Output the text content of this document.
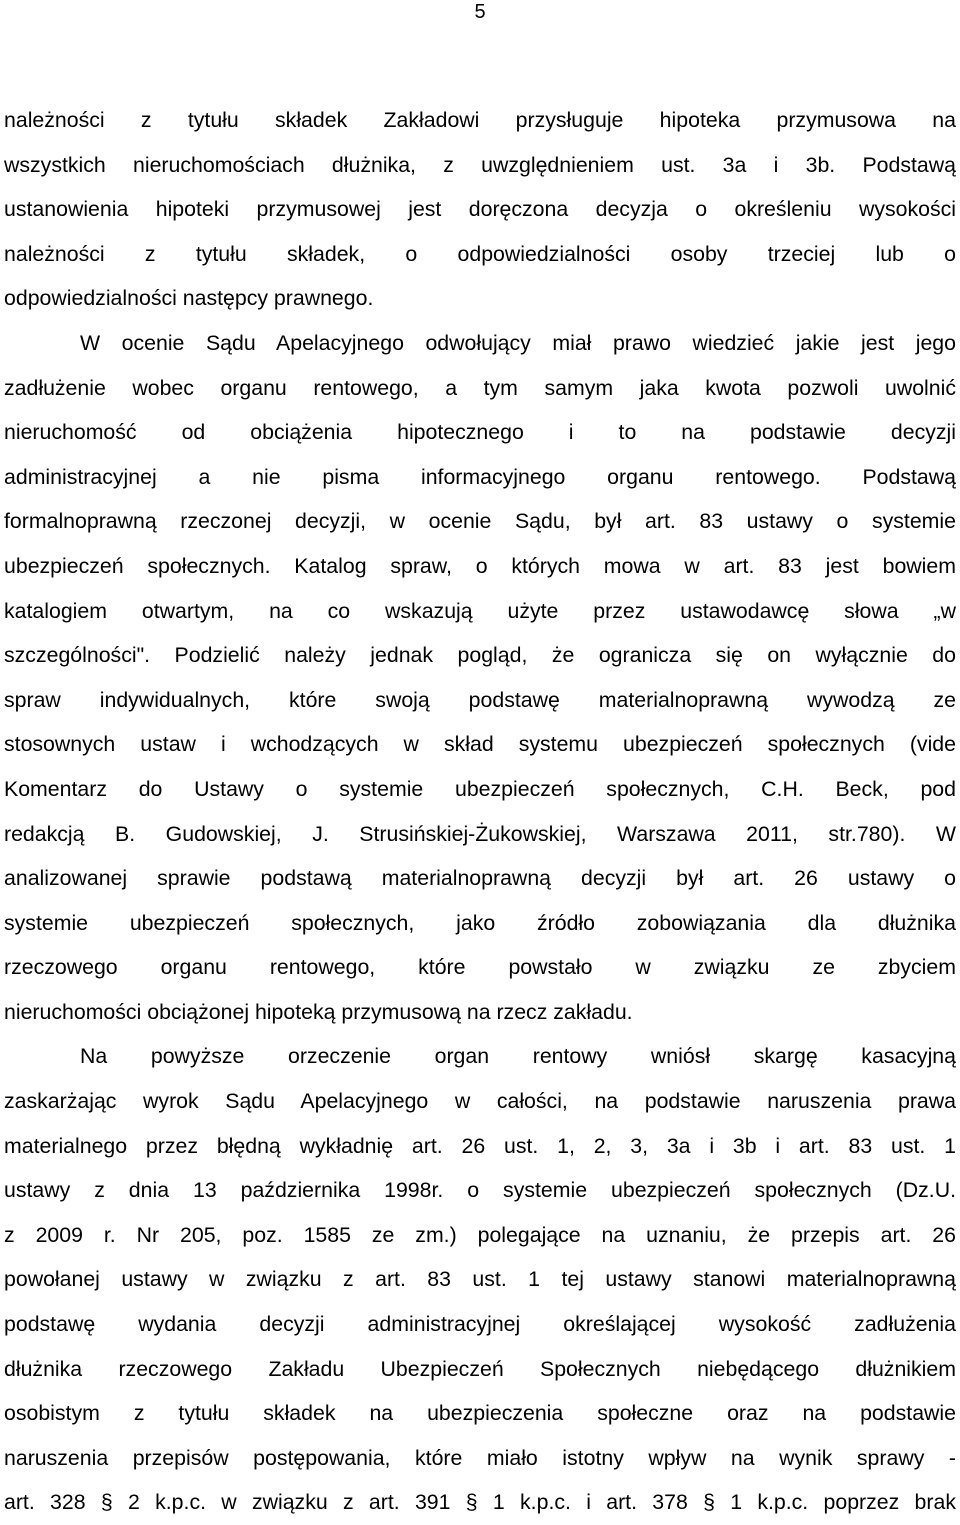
5
należności z tytułu składek Zakładowi przysługuje hipoteka przymusowa na
wszystkich nieruchomościach dłużnika, z uwzględnieniem ust. 3a i 3b. Podstawą
ustanowienia hipoteki przymusowej jest doręczona decyzja o określeniu wysokości
należności z tytułu składek, o odpowiedzialności osoby trzeciej lub o
odpowiedzialności następcy prawnego.
W ocenie Sądu Apelacyjnego odwołujący miał prawo wiedzieć jakie jest jego
zadłużenie wobec organu rentowego, a tym samym jaka kwota pozwoli uwolnić
nieruchomość od obciążenia hipotecznego i to na podstawie decyzji
administracyjnej a nie pisma informacyjnego organu rentowego. Podstawą
formalnoprawną rzeczonej decyzji, w ocenie Sądu, był art. 83 ustawy o systemie
ubezpieczeń społecznych. Katalog spraw, o których mowa w art. 83 jest bowiem
katalogiem otwartym, na co wskazują użyte przez ustawodawcę słowa „w
szczególności". Podzielić należy jednak pogląd, że ogranicza się on wyłącznie do
spraw indywidualnych, które swoją podstawę materialnoprawną wywodzą ze
stosownych ustaw i wchodzących w skład systemu ubezpieczeń społecznych (vide
Komentarz do Ustawy o systemie ubezpieczeń społecznych, C.H. Beck, pod
redakcją B. Gudowskiej, J. Strusińskiej-Żukowskiej, Warszawa 2011, str.780). W
analizowanej sprawie podstawą materialnoprawną decyzji był art. 26 ustawy o
systemie ubezpieczeń społecznych, jako źródło zobowiązania dla dłużnika
rzeczowego organu rentowego, które powstało w związku ze zbyciem
nieruchomości obciążonej hipoteką przymusową na rzecz zakładu.
Na powyższe orzeczenie organ rentowy wniósł skargę kasacyjną
zaskarżając wyrok Sądu Apelacyjnego w całości, na podstawie naruszenia prawa
materialnego przez błędną wykładnię art. 26 ust. 1, 2, 3, 3a i 3b i art. 83 ust. 1
ustawy z dnia 13 października 1998r. o systemie ubezpieczeń społecznych (Dz.U.
z 2009 r. Nr 205, poz. 1585 ze zm.) polegające na uznaniu, że przepis art. 26
powołanej ustawy w związku z art. 83 ust. 1 tej ustawy stanowi materialnoprawną
podstawę wydania decyzji administracyjnej określającej wysokość zadłużenia
dłużnika rzeczowego Zakładu Ubezpieczeń Społecznych niebędącego dłużnikiem
osobistym z tytułu składek na ubezpieczenia społeczne oraz na podstawie
naruszenia przepisów postępowania, które miało istotny wpływ na wynik sprawy -
art. 328 § 2 k.p.c. w związku z art. 391 § 1 k.p.c. i art. 378 § 1 k.p.c. poprzez brak
